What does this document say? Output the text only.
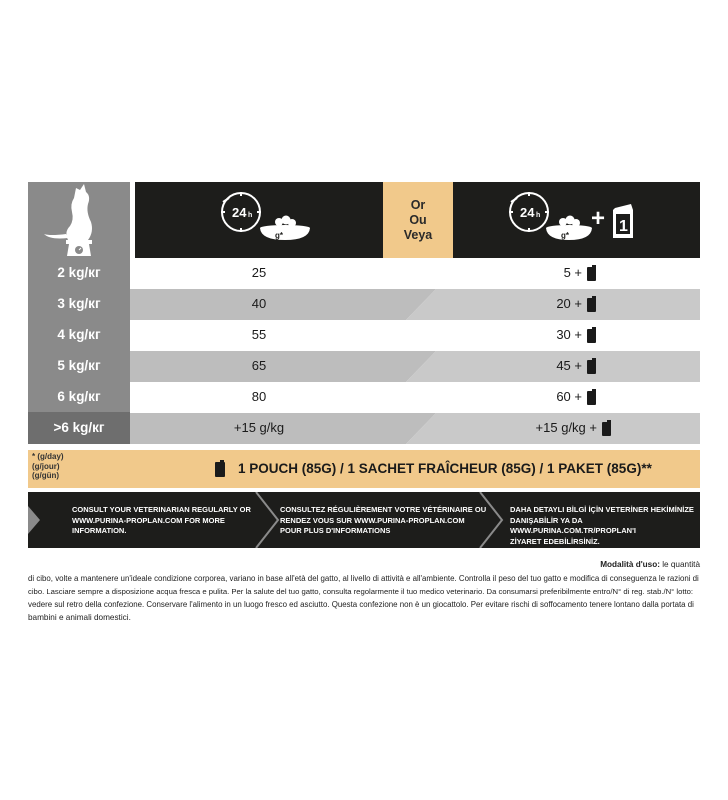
24 h
g*
Or
Ou
Veya
24 h
g*
+ 1
2 kg/кг
3 kg/кг
4 kg/кг
5 kg/кг
6 kg/кг
>6 kg/кг
25
40
55
65
80
+15 g/kg
5 +
20 +
30 +
45 +
60 +
+15 g/kg +
* (g/day)
(g/jour)
(g/gün)	1 POUCH (85G) / 1 SACHET FRAÎCHEUR (85G) / 1 PAKET (85G)**
CONSULT YOUR VETERINARIAN REGULARLY OR
WWW.PURINA-PROPLAN.COM FOR MORE
INFORMATION.
CONSULTEZ RÉGULIÈREMENT VOTRE VÉTÉRINAIRE OU
RENDEZ VOUS SUR WWW.PURINA-PROPLAN.COM
POUR PLUS D'INFORMATIONS
DAHA DETAYLI BİLGİ İÇİN VETERİNER HEKİMİNİZE
DANIŞABİLİR YA DA WWW.PURINA.COM.TR/PROPLAN'I
ZİYARET EDEBİLİRSİNİZ.
Modalità d'uso: le quantità
di cibo, volte a mantenere un'ideale condizione corporea, variano in base all'età del gatto, al livello di attività e all'ambiente. Controlla il peso del tuo gatto e modifica di conseguenza le razioni di
cibo. Lasciare sempre a disposizione acqua fresca e pulita. Per la salute del tuo gatto, consulta regolarmente il tuo medico veterinario. Da consumarsi preferibilmente entro/N° di reg. stab./N° lotto:
vedere sul retro della confezione. Conservare l'alimento in un luogo fresco ed asciutto. Questa confezione non è un giocattolo. Per evitare rischi di soffocamento tenere lontano dalla portata di
bambini e animali domestici.
